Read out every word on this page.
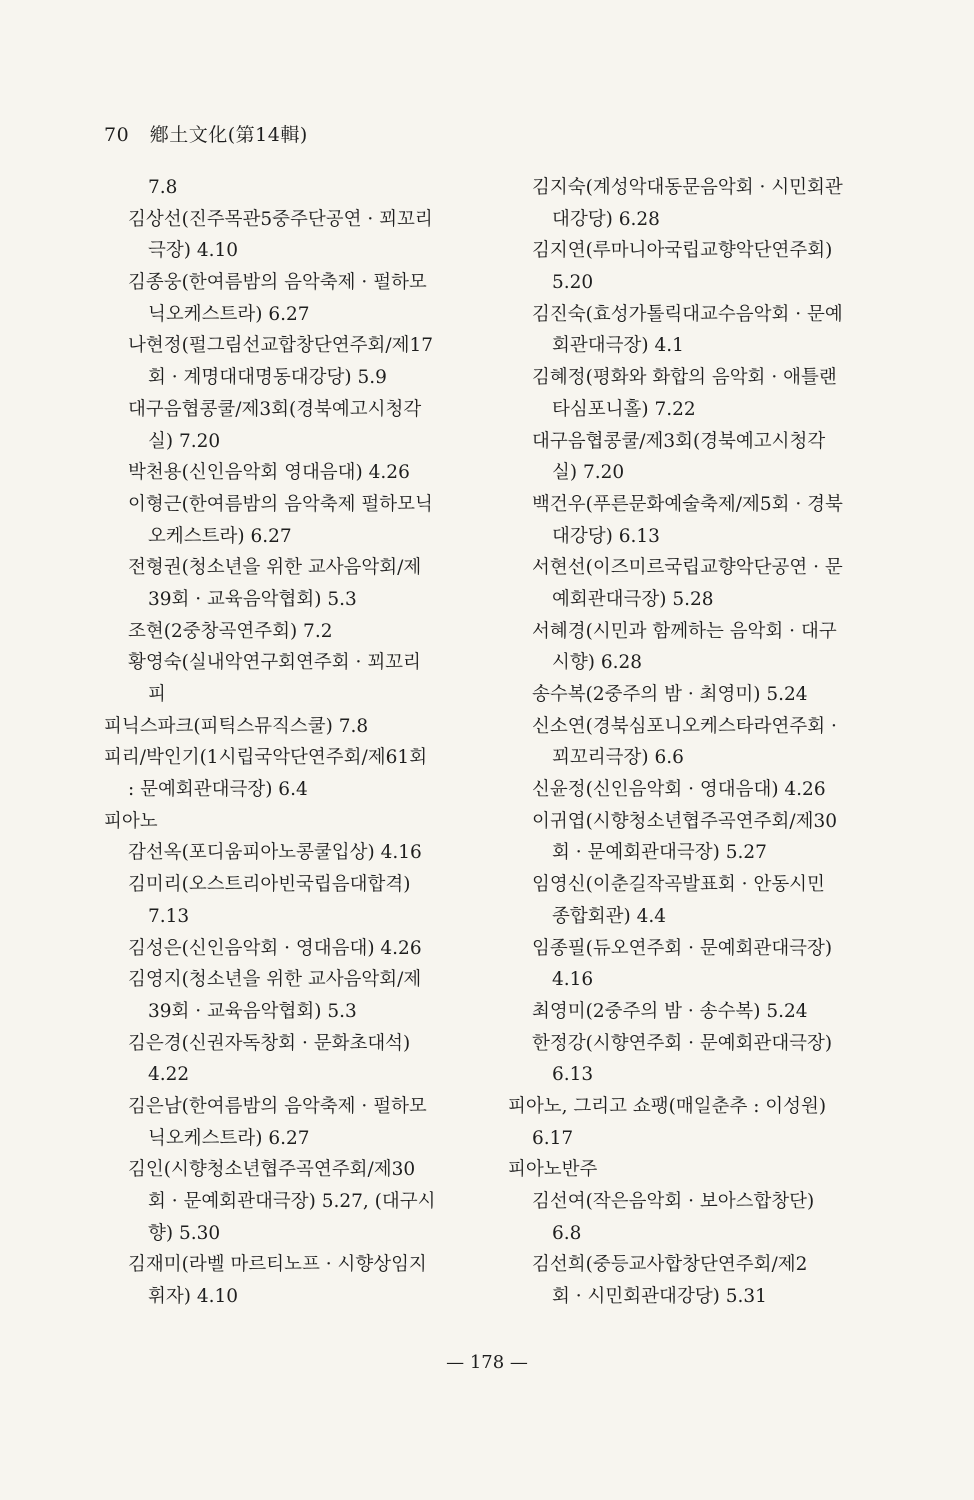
70 鄕土文化(第14輯)
7.8
김상선(진주목관5중주단공연 · 꾀꼬리
극장) 4.10
김종웅(한여름밤의 음악축제 · 펄하모
닉오케스트라) 6.27
나현정(펄그림선교합창단연주회/제17
회 · 계명대대명동대강당) 5.9
대구음협콩쿨/제3회(경북예고시청각
실) 7.20
박천용(신인음악회 영대음대) 4.26
이형근(한여름밤의 음악축제 펄하모닉
오케스트라) 6.27
전형권(청소년을 위한 교사음악회/제
39회 · 교육음악협회) 5.3
조현(2중창곡연주회) 7.2
황영숙(실내악연구회연주회 · 꾀꼬리
피
피닉스파크(피틱스뮤직스쿨) 7.8
피리/박인기(1시립국악단연주회/제61회
: 문예회관대극장) 6.4
피아노
감선옥(포디움피아노콩쿨입상) 4.16
김미리(오스트리아빈국립음대합격)
7.13
김성은(신인음악회 · 영대음대) 4.26
김영지(청소년을 위한 교사음악회/제
39회 · 교육음악협회) 5.3
김은경(신권자독창회 · 문화초대석)
4.22
김은남(한여름밤의 음악축제 · 펄하모
닉오케스트라) 6.27
김인(시향청소년협주곡연주회/제30
회 · 문예회관대극장) 5.27, (대구시
향) 5.30
김재미(라벨 마르티노프 · 시향상임지
휘자) 4.10
김지숙(계성악대동문음악회 · 시민회관
대강당) 6.28
김지연(루마니아국립교향악단연주회)
5.20
김진숙(효성가톨릭대교수음악회 · 문예
회관대극장) 4.1
김혜정(평화와 화합의 음악회 · 애틀랜
타심포니홀) 7.22
대구음협콩쿨/제3회(경북예고시청각
실) 7.20
백건우(푸른문화예술축제/제5회 · 경북
대강당) 6.13
서현선(이즈미르국립교향악단공연 · 문
예회관대극장) 5.28
서혜경(시민과 함께하는 음악회 · 대구
시향) 6.28
송수복(2중주의 밤 · 최영미) 5.24
신소연(경북심포니오케스타라연주회 ·
꾀꼬리극장) 6.6
신윤정(신인음악회 · 영대음대) 4.26
이귀엽(시향청소년협주곡연주회/제30
회 · 문예회관대극장) 5.27
임영신(이춘길작곡발표회 · 안동시민
종합회관) 4.4
임종필(듀오연주회 · 문예회관대극장)
4.16
최영미(2중주의 밤 · 송수복) 5.24
한정강(시향연주회 · 문예회관대극장)
6.13
피아노, 그리고 쇼팽(매일춘추 : 이성원)
6.17
피아노반주
김선여(작은음악회 · 보아스합창단)
6.8
김선희(중등교사합창단연주회/제2
회 · 시민회관대강당) 5.31
— 178 —
